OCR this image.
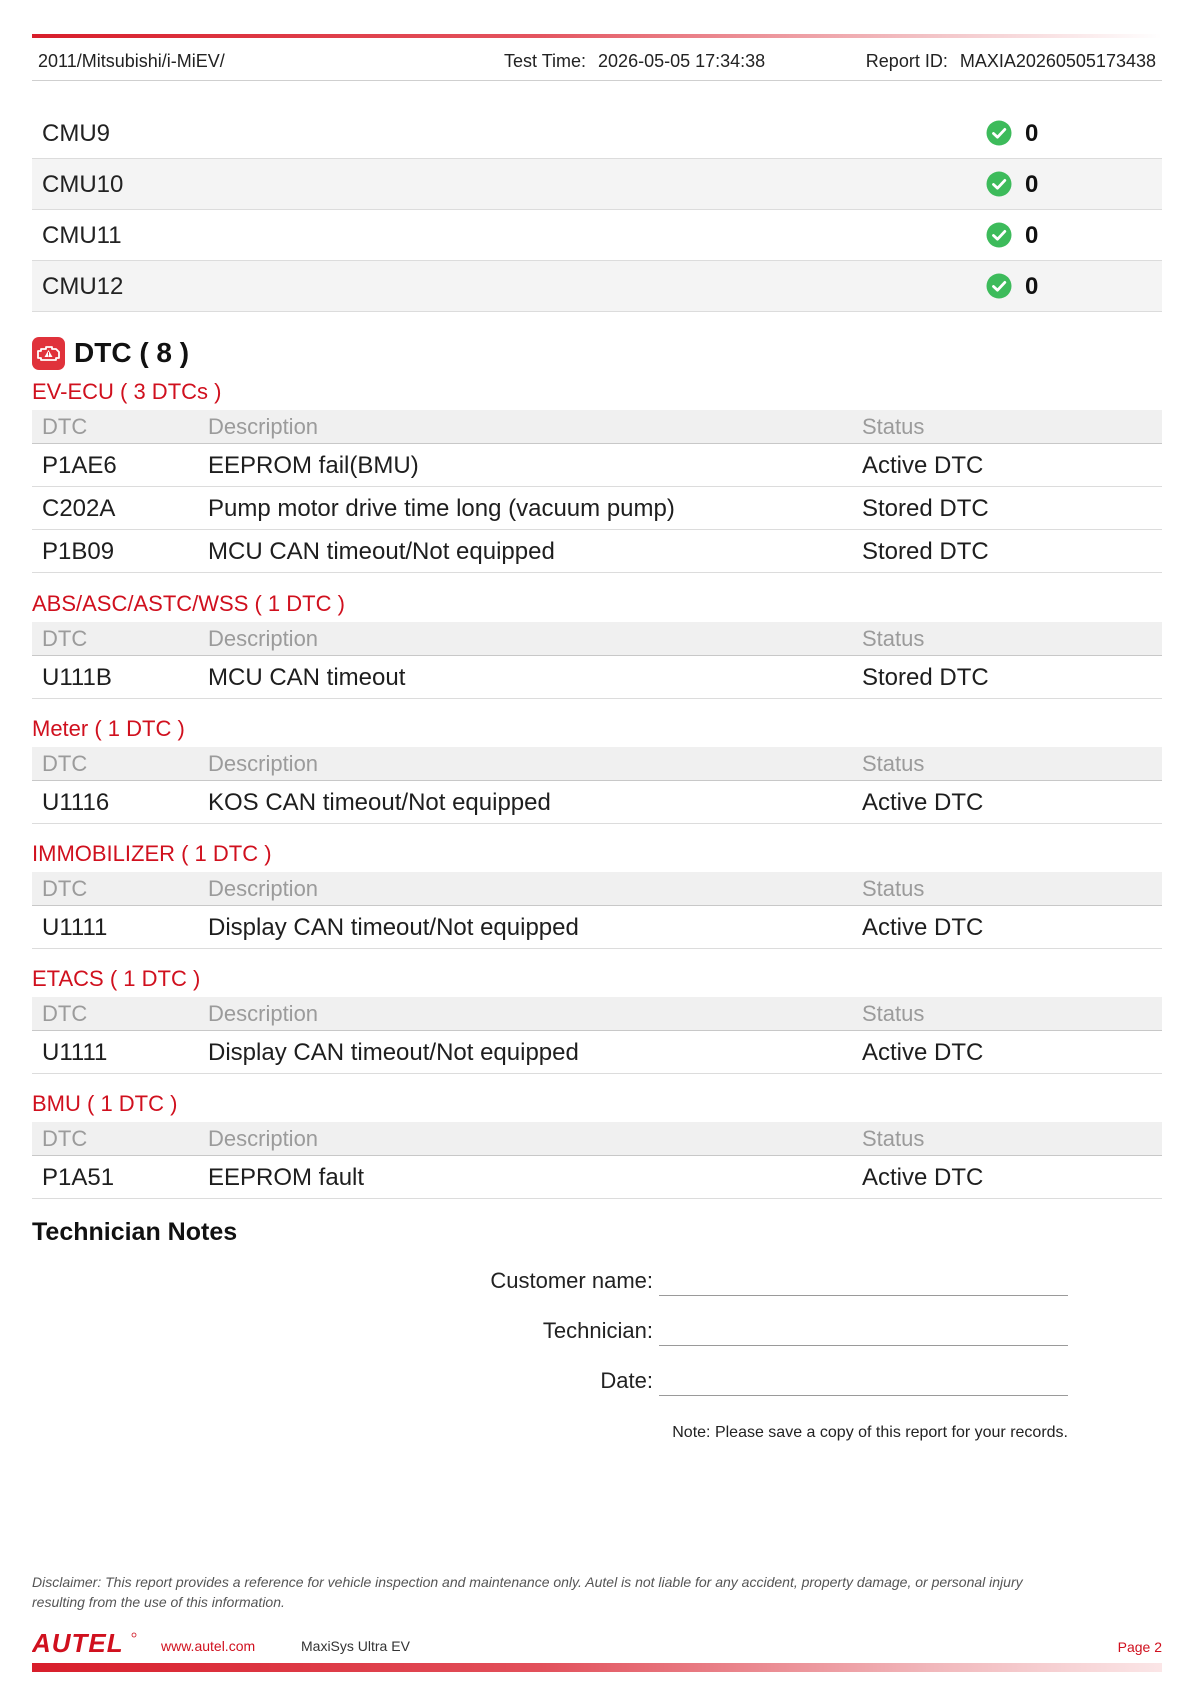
2011/Mitsubishi/i-MiEV/	Test Time: 2026-05-05 17:34:38	Report ID: MAXIA20260505173438
CMU9	0
CMU10	0
CMU11	0
CMU12	0
DTC ( 8 )
EV-ECU ( 3 DTCs )
DTC	Description	Status
P1AE6	EEPROM fail(BMU)	Active DTC
C202A	Pump motor drive time long (vacuum pump)	Stored DTC
P1B09	MCU CAN timeout/Not equipped	Stored DTC
ABS/ASC/ASTC/WSS ( 1 DTC )
DTC	Description	Status
U111B	MCU CAN timeout	Stored DTC
Meter ( 1 DTC )
DTC	Description	Status
U1116	KOS CAN timeout/Not equipped	Active DTC
IMMOBILIZER ( 1 DTC )
DTC	Description	Status
U1111	Display CAN timeout/Not equipped	Active DTC
ETACS ( 1 DTC )
DTC	Description	Status
U1111	Display CAN timeout/Not equipped	Active DTC
BMU ( 1 DTC )
DTC	Description	Status
P1A51	EEPROM fault	Active DTC
Technician Notes
Customer name:
Technician:
Date:
Note: Please save a copy of this report for your records.
Disclaimer: This report provides a reference for vehicle inspection and maintenance only. Autel is not liable for any accident, property damage, or personal injury resulting from the use of this information.
AUTEL	www.autel.com	MaxiSys Ultra EV	Page 2
